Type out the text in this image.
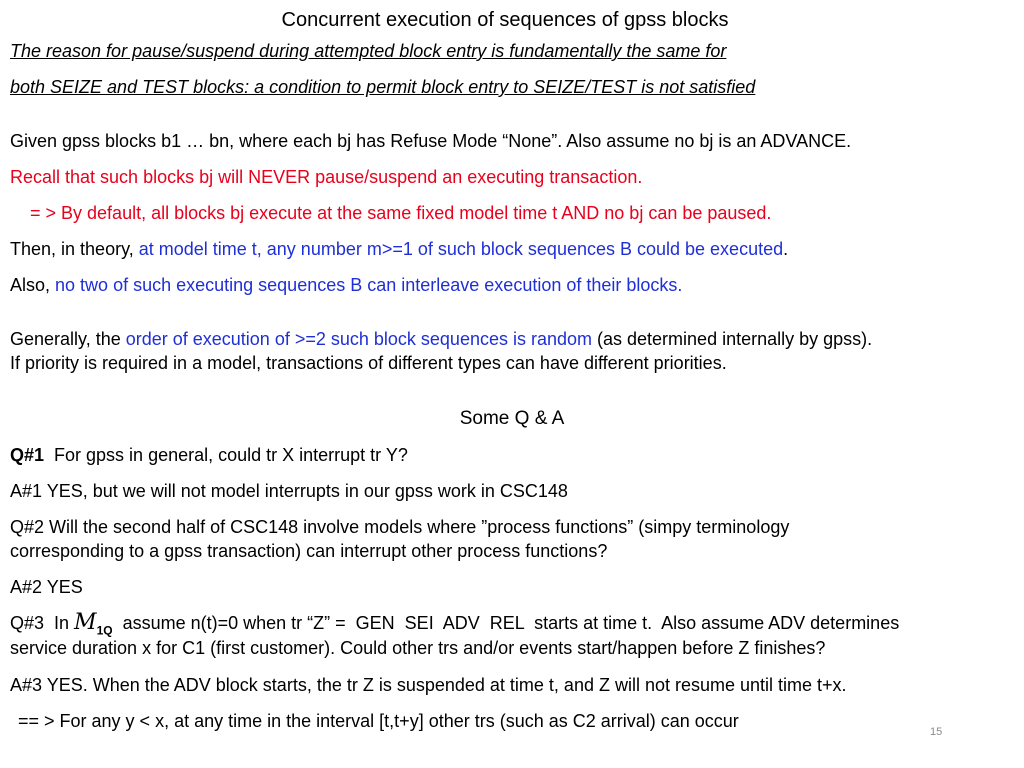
Concurrent execution of sequences of gpss blocks
The reason for pause/suspend during attempted block entry is fundamentally the same for
both SEIZE and TEST blocks: a condition to permit block entry to SEIZE/TEST is not satisfied
Given gpss blocks b1 … bn, where each bj has Refuse Mode “None”. Also assume no bj is an ADVANCE.
Recall that such blocks bj will NEVER pause/suspend an executing transaction.
= > By default, all blocks bj execute at the same fixed model time t AND no bj can be paused.
Then, in theory, at model time t, any number m>=1 of such block sequences B could be executed.
Also, no two of such executing sequences B can interleave execution of their blocks.
Generally, the order of execution of >=2 such block sequences is random (as determined internally by gpss).
If priority is required in a model, transactions of different types can have different priorities.
Some Q & A
Q#1  For gpss in general, could tr X interrupt tr Y?
A#1 YES, but we will not model interrupts in our gpss work in CSC148
Q#2 Will the second half of CSC148 involve models where ”process functions” (simpy terminology
corresponding to a gpss transaction) can interrupt other process functions?
A#2 YES
Q#3  In $M_{1Q}$  assume n(t)=0 when tr “Z” =  GEN  SEI  ADV  REL  starts at time t.  Also assume ADV determines
service duration x for C1 (first customer). Could other trs and/or events start/happen before Z finishes?
A#3 YES. When the ADV block starts, the tr Z is suspended at time t, and Z will not resume until time t+x.
== > For any y < x, at any time in the interval [t,t+y] other trs (such as C2 arrival) can occur
15
